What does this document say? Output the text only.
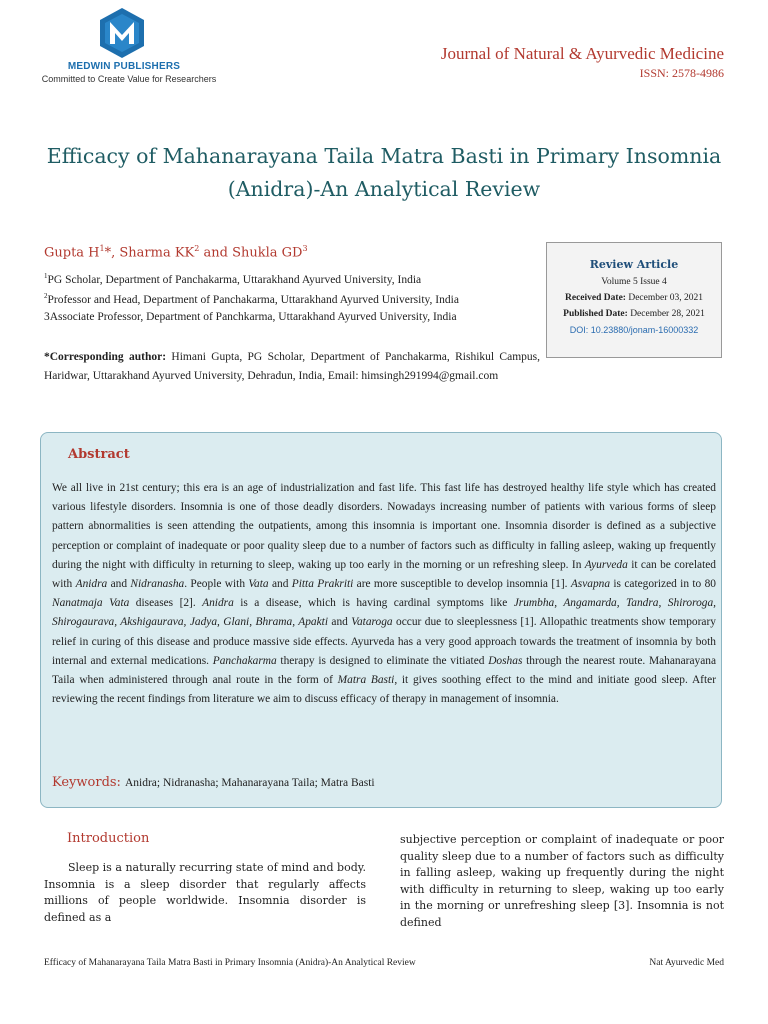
MEDWIN PUBLISHERS
Committed to Create Value for Researchers
Journal of Natural & Ayurvedic Medicine
ISSN: 2578-4986
Efficacy of Mahanarayana Taila Matra Basti in Primary Insomnia
(Anidra)-An Analytical Review
Gupta $H^1*$, Sharma $KK^2$ and Shukla $GD^3$
$^1$PG Scholar, Department of Panchakarma, Uttarakhand Ayurved University, India
$^2$Professor and Head, Department of Panchakarma, Uttarakhand Ayurved University, India
3Associate Professor, Department of Panchkarma, Uttarakhand Ayurved University, India
*Corresponding author: Himani Gupta, PG Scholar, Department of Panchakarma, Rishikul Campus, Haridwar, Uttarakhand Ayurved University, Dehradun, India, Email: himsingh291994@gmail.com
Review Article
Volume 5 Issue 4
Received Date: December 03, 2021
Published Date: December 28, 2021
DOI: 10.23880/jonam-16000332
Abstract
We all live in 21st century; this era is an age of industrialization and fast life. This fast life has destroyed healthy life style which has created various lifestyle disorders. Insomnia is one of those deadly disorders. Nowadays increasing number of patients with various forms of sleep pattern abnormalities is seen attending the outpatients, among this insomnia is important one. Insomnia disorder is defined as a subjective perception or complaint of inadequate or poor quality sleep due to a number of factors such as difficulty in falling asleep, waking up frequently during the night with difficulty in returning to sleep, waking up too early in the morning or un refreshing sleep. In Ayurveda it can be corelated with Anidra and Nidranasha. People with Vata and Pitta Prakriti are more susceptible to develop insomnia [1]. Asvapna is categorized in to 80 Nanatmaja Vata diseases [2]. Anidra is a disease, which is having cardinal symptoms like Jrumbha, Angamarda, Tandra, Shiroroga, Shirogaurava, Akshigaurava, Jadya, Glani, Bhrama, Apakti and Vataroga occur due to sleeplessness [1]. Allopathic treatments show temporary relief in curing of this disease and produce massive side effects. Ayurveda has a very good approach towards the treatment of insomnia by both internal and external medications. Panchakarma therapy is designed to eliminate the vitiated Doshas through the nearest route. Mahanarayana Taila when administered through anal route in the form of Matra Basti, it gives soothing effect to the mind and initiate good sleep. After reviewing the recent findings from literature we aim to discuss efficacy of therapy in management of insomnia.
Keywords: Anidra; Nidranasha; Mahanarayana Taila; Matra Basti
Introduction
Sleep is a naturally recurring state of mind and body. Insomnia is a sleep disorder that regularly affects millions of people worldwide. Insomnia disorder is defined as a
subjective perception or complaint of inadequate or poor quality sleep due to a number of factors such as difficulty in falling asleep, waking up frequently during the night with difficulty in returning to sleep, waking up too early in the morning or unrefreshing sleep [3]. Insomnia is not defined
Efficacy of Mahanarayana Taila Matra Basti in Primary Insomnia (Anidra)-An Analytical Review	Nat Ayurvedic Med
